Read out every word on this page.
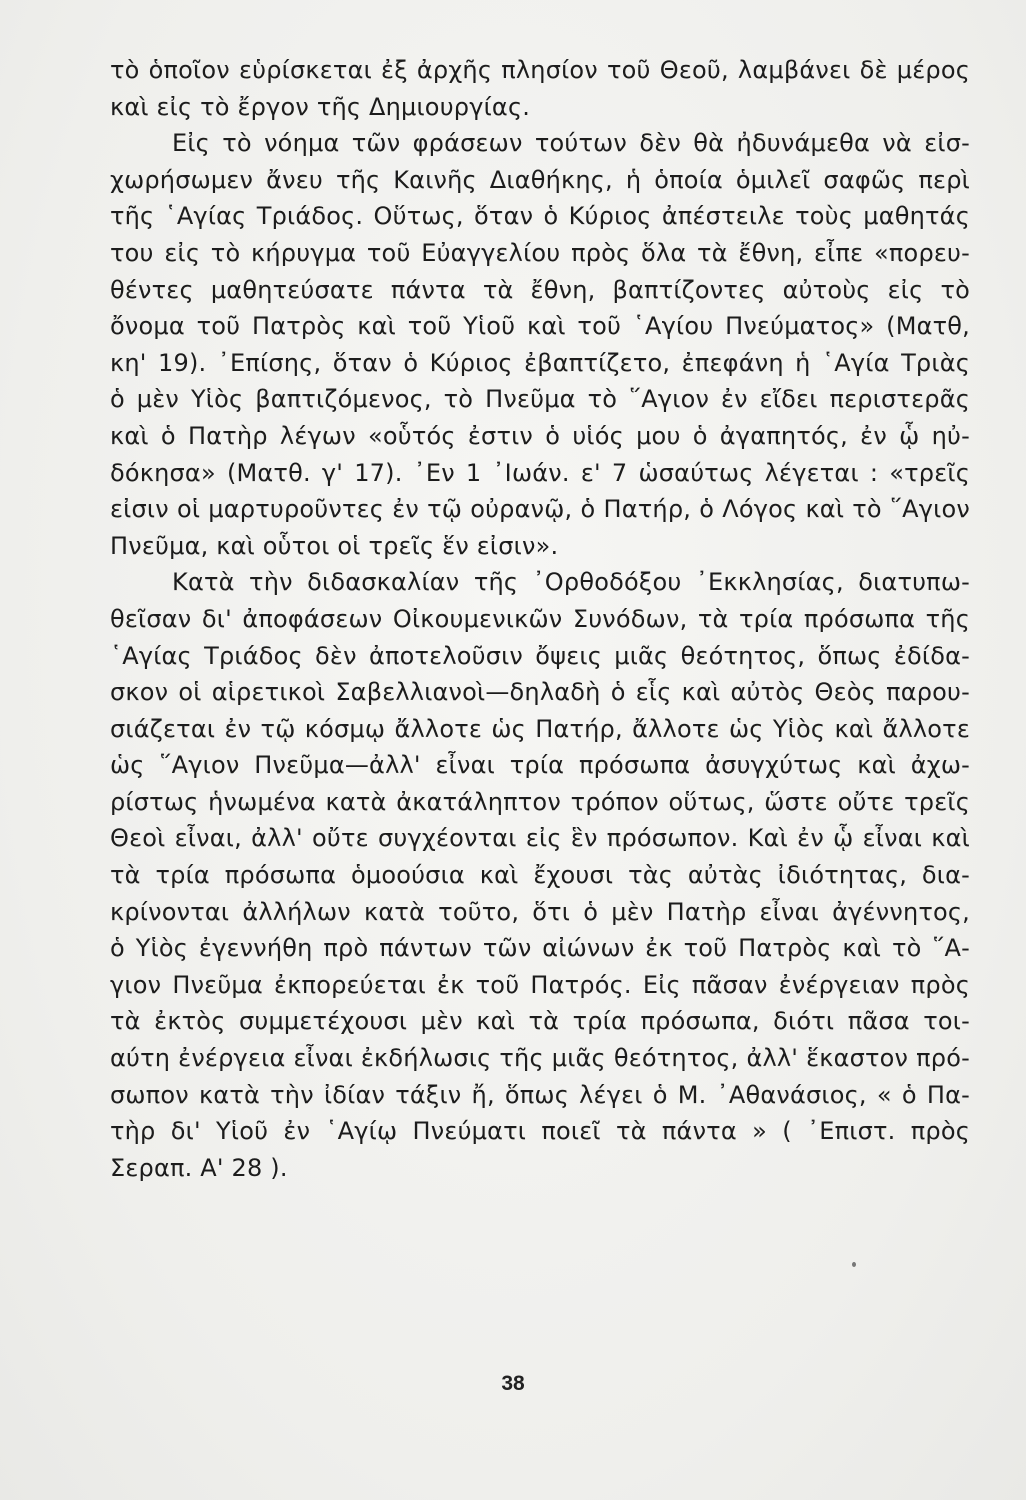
τὸ ὁποῖον εὑρίσκεται ἐξ ἀρχῆς πλησίον τοῦ Θεοῦ, λαμβάνει δὲ μέρος
καὶ εἰς τὸ ἔργον τῆς Δημιουργίας.
Εἰς τὸ νόημα τῶν φράσεων τούτων δὲν θὰ ἠδυνάμεθα νὰ εἰσ-
χωρήσωμεν ἄνευ τῆς Καινῆς Διαθήκης, ἡ ὁποία ὁμιλεῖ σαφῶς περὶ
τῆς ῾Αγίας Τριάδος. Οὕτως, ὅταν ὁ Κύριος ἀπέστειλε τοὺς μαθητάς
του εἰς τὸ κήρυγμα τοῦ Εὐαγγελίου πρὸς ὅλα τὰ ἔθνη, εἶπε «πορευ-
θέντες μαθητεύσατε πάντα τὰ ἔθνη, βαπτίζοντες αὐτοὺς εἰς τὸ
ὄνομα τοῦ Πατρὸς καὶ τοῦ Υἱοῦ καὶ τοῦ ῾Αγίου Πνεύματος» (Ματθ,
κη' 19). ᾿Επίσης, ὅταν ὁ Κύριος ἐβαπτίζετο, ἐπεφάνη ἡ ῾Αγία Τριὰς
ὁ μὲν Υἱὸς βαπτιζόμενος, τὸ Πνεῦμα τὸ ῞Αγιον ἐν εἴδει περιστερᾶς
καὶ ὁ Πατὴρ λέγων «οὗτός ἐστιν ὁ υἱός μου ὁ ἀγαπητός, ἐν ᾧ ηὐ-
δόκησα» (Ματθ. γ' 17). ᾿Εν 1 ᾿Ιωάν. ε' 7 ὡσαύτως λέγεται : «τρεῖς
εἰσιν οἱ μαρτυροῦντες ἐν τῷ οὐρανῷ, ὁ Πατήρ, ὁ Λόγος καὶ τὸ ῞Αγιον
Πνεῦμα, καὶ οὗτοι οἱ τρεῖς ἕν εἰσιν».
Κατὰ τὴν διδασκαλίαν τῆς ᾿Ορθοδόξου ᾿Εκκλησίας, διατυπω-
θεῖσαν δι' ἀποφάσεων Οἰκουμενικῶν Συνόδων, τὰ τρία πρόσωπα τῆς
῾Αγίας Τριάδος δὲν ἀποτελοῦσιν ὄψεις μιᾶς θεότητος, ὅπως ἐδίδα-
σκον οἱ αἱρετικοὶ Σαβελλιανοὶ—δηλαδὴ ὁ εἷς καὶ αὐτὸς Θεὸς παρου-
σιάζεται ἐν τῷ κόσμῳ ἄλλοτε ὡς Πατήρ, ἄλλοτε ὡς Υἱὸς καὶ ἄλλοτε
ὡς ῞Αγιον Πνεῦμα—ἀλλ' εἶναι τρία πρόσωπα ἀσυγχύτως καὶ ἀχω-
ρίστως ἡνωμένα κατὰ ἀκατάληπτον τρόπον οὕτως, ὥστε οὔτε τρεῖς
Θεοὶ εἶναι, ἀλλ' οὔτε συγχέονται εἰς ἓν πρόσωπον. Καὶ ἐν ᾧ εἶναι καὶ
τὰ τρία πρόσωπα ὁμοούσια καὶ ἔχουσι τὰς αὐτὰς ἰδιότητας, δια-
κρίνονται ἀλλήλων κατὰ τοῦτο, ὅτι ὁ μὲν Πατὴρ εἶναι ἀγέννητος,
ὁ Υἱὸς ἐγεννήθη πρὸ πάντων τῶν αἰώνων ἐκ τοῦ Πατρὸς καὶ τὸ ῞Α-
γιον Πνεῦμα ἐκπορεύεται ἐκ τοῦ Πατρός. Εἰς πᾶσαν ἐνέργειαν πρὸς
τὰ ἐκτὸς συμμετέχουσι μὲν καὶ τὰ τρία πρόσωπα, διότι πᾶσα τοι-
αύτη ἐνέργεια εἶναι ἐκδήλωσις τῆς μιᾶς θεότητος, ἀλλ' ἕκαστον πρό-
σωπον κατὰ τὴν ἰδίαν τάξιν ἤ, ὅπως λέγει ὁ Μ. ᾿Αθανάσιος, « ὁ Πα-
τὴρ δι' Υἱοῦ ἐν ῾Αγίῳ Πνεύματι ποιεῖ τὰ πάντα » ( ᾿Επιστ. πρὸς
Σεραπ. Α' 28 ).
38
